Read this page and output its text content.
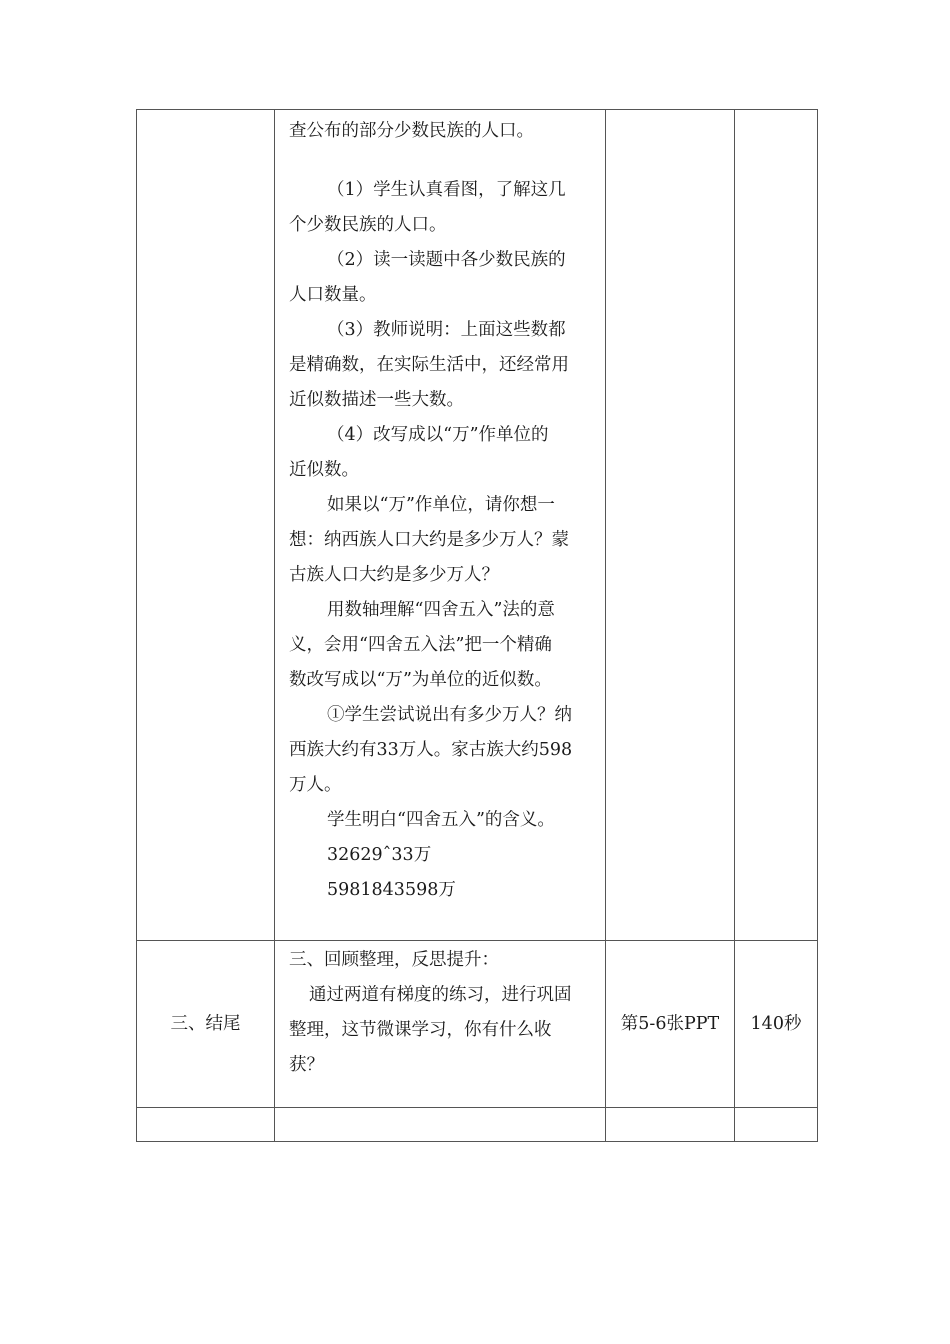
查公布的部分少数民族的人口。

（1）学生认真看图，了解这几

个少数民族的人口。

（2）读一读题中各少数民族的

人口数量。

（3）教师说明：上面这些数都

是精确数，在实际生活中，还经常用

近似数描述一些大数。

（4）改写成以“万”作单位的

近似数。

如果以“万”作单位，请你想一

想：纳西族人口大约是多少万人？蒙

古族人口大约是多少万人？

用数轴理解“四舍五入”法的意

义，会用“四舍五入法”把一个精确

数改写成以“万”为单位的近似数。

①学生尝试说出有多少万人？纳

西族大约有33万人。家古族大约598

万人。

学生明白“四舍五入”的含义。

32629ˆ33万

5981843598万

三、结尾

三、回顾整理，反思提升：

通过两道有梯度的练习，进行巩固

整理，这节微课学习，你有什么收

获？

第5-6张PPT	140秒
